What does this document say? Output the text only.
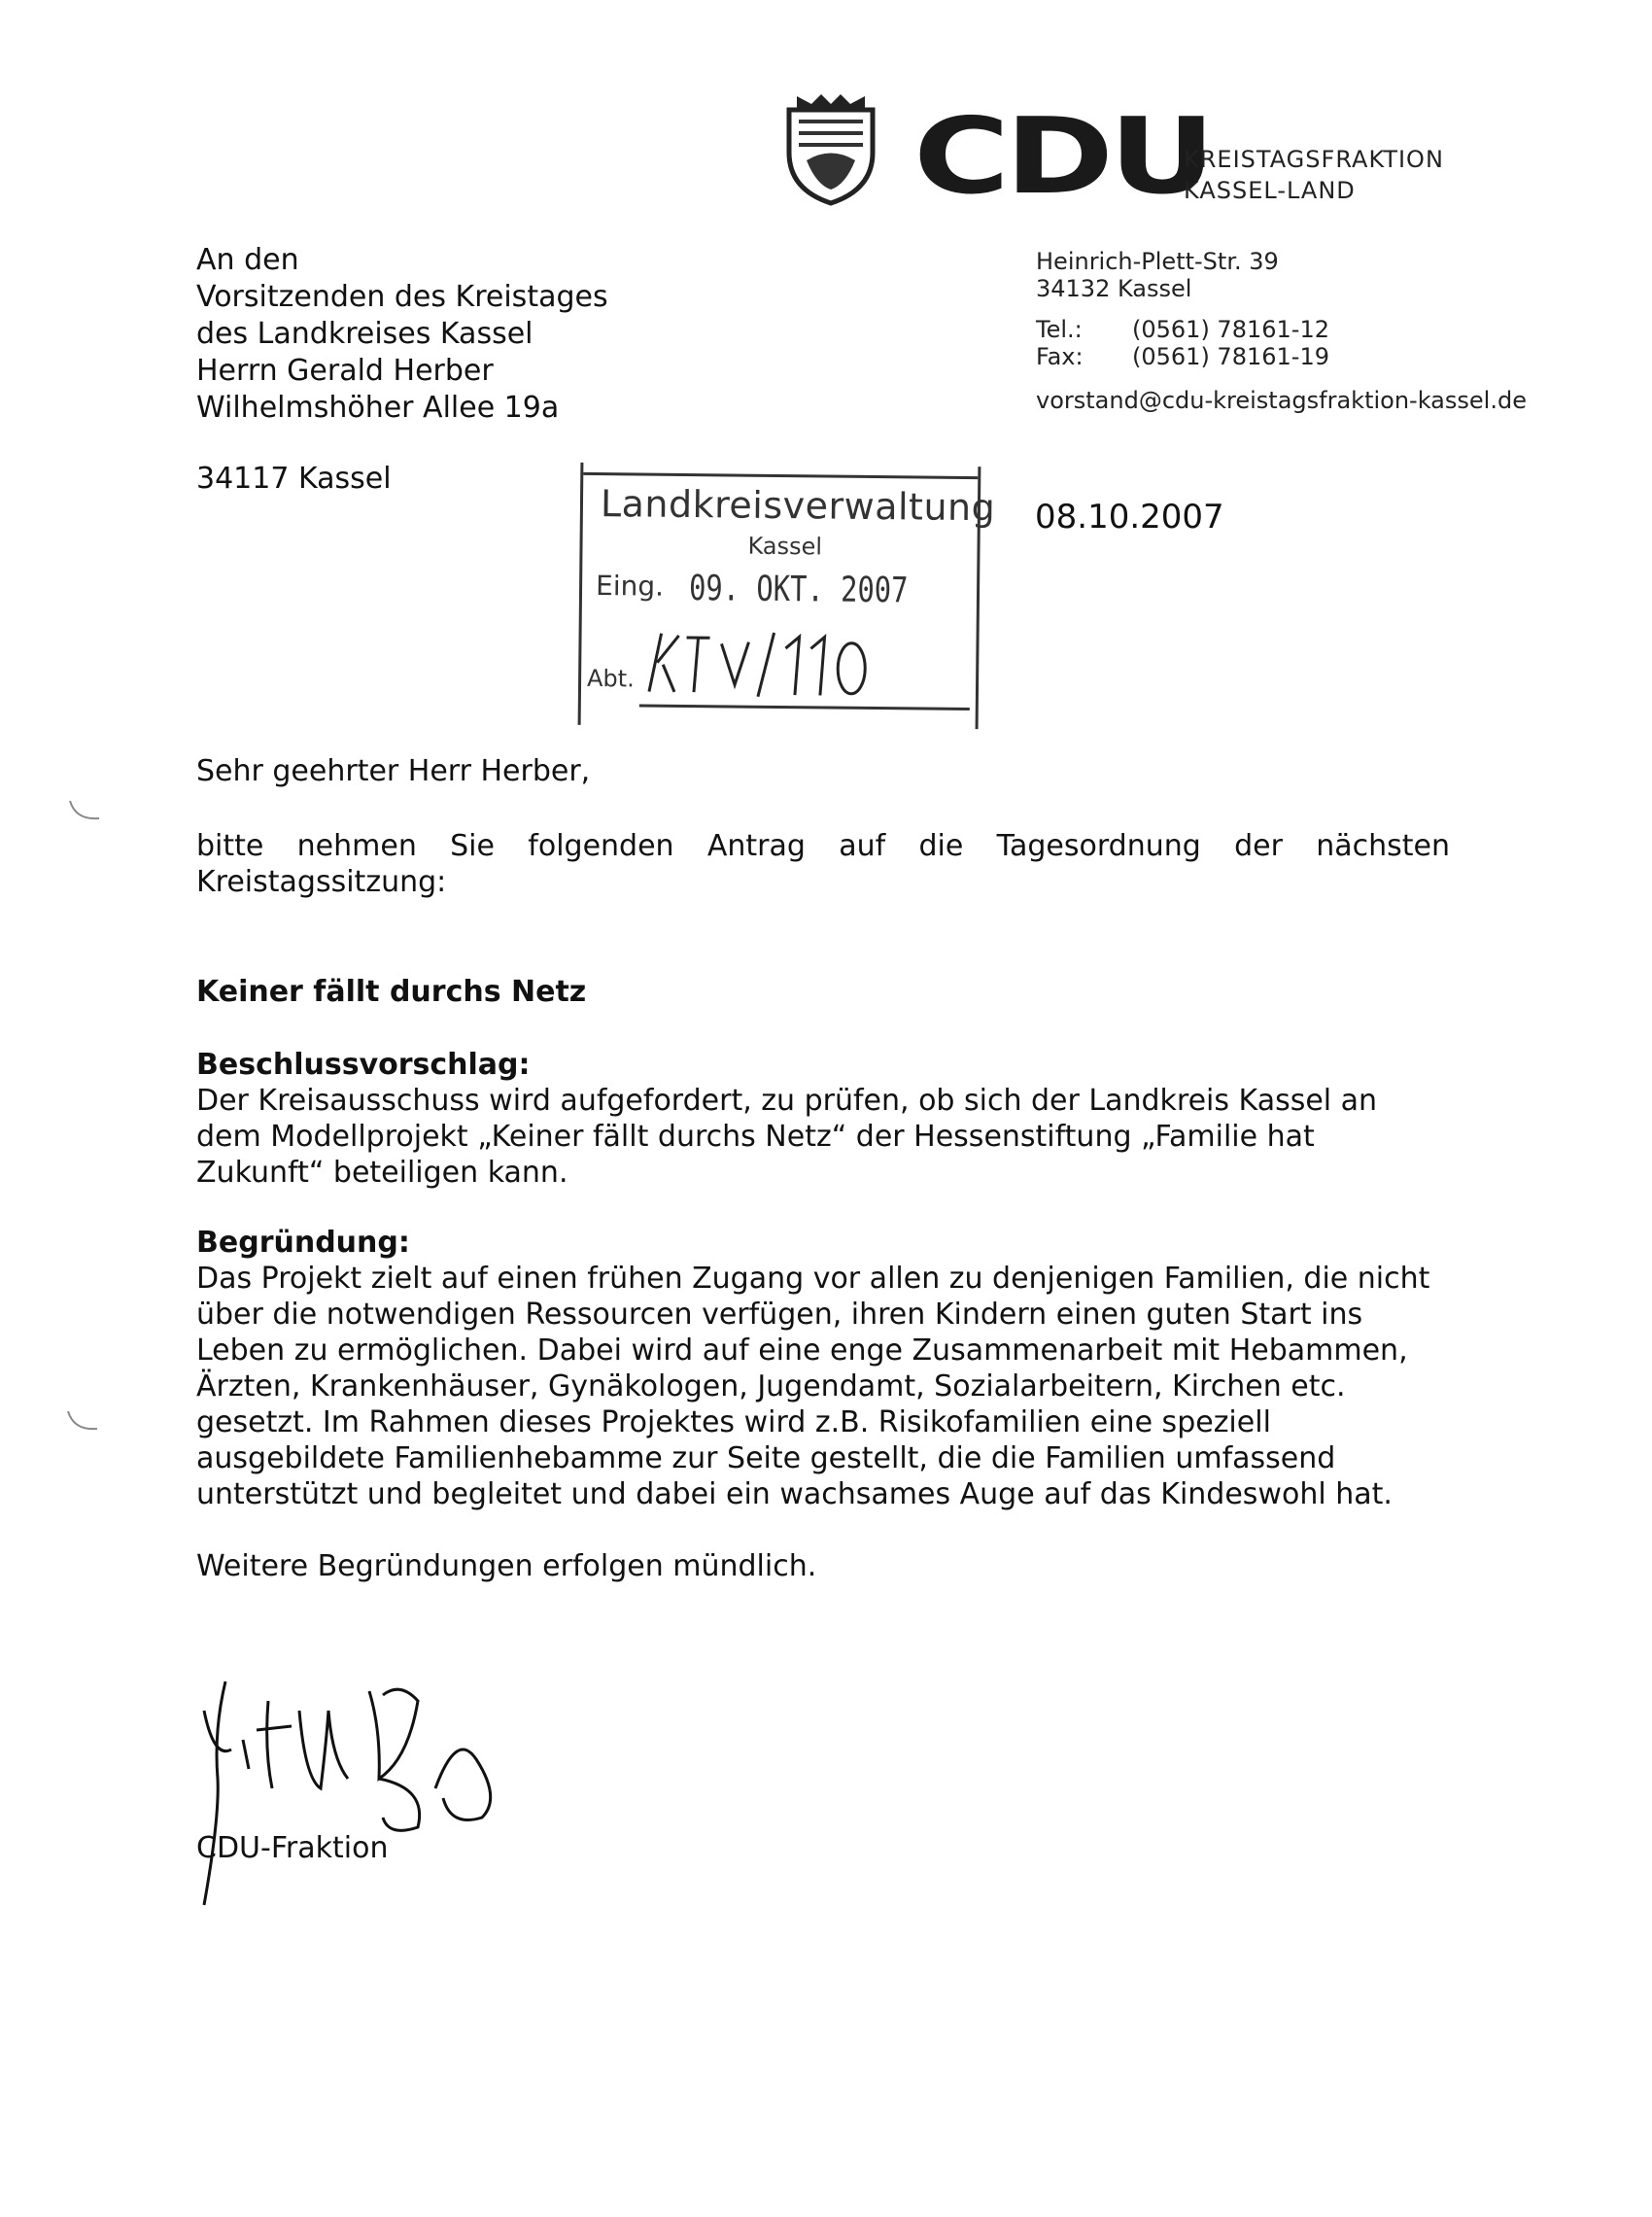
CDU
KREISTAGSFRAKTION
KASSEL-LAND
Heinrich-Plett-Str. 39
34132 Kassel
Tel.: (0561) 78161-12
Fax: (0561) 78161-19
vorstand@cdu-kreistagsfraktion-kassel.de
An den
Vorsitzenden des Kreistages
des Landkreises Kassel
Herrn Gerald Herber
Wilhelmshöher Allee 19a
34117 Kassel
08.10.2007
Landkreisverwaltung
Kassel
Eing. 09. OKT. 2007
Abt.
Sehr geehrter Herr Herber,
bitte nehmen Sie folgenden Antrag auf die Tagesordnung der nächsten Kreistagssitzung:
Keiner fällt durchs Netz
Beschlussvorschlag:
Der Kreisausschuss wird aufgefordert, zu prüfen, ob sich der Landkreis Kassel an dem Modellprojekt „Keiner fällt durchs Netz“ der Hessenstiftung „Familie hat Zukunft“ beteiligen kann.
Begründung:
Das Projekt zielt auf einen frühen Zugang vor allen zu denjenigen Familien, die nicht über die notwendigen Ressourcen verfügen, ihren Kindern einen guten Start ins Leben zu ermöglichen. Dabei wird auf eine enge Zusammenarbeit mit Hebammen, Ärzten, Krankenhäuser, Gynäkologen, Jugendamt, Sozialarbeitern, Kirchen etc. gesetzt. Im Rahmen dieses Projektes wird z.B. Risikofamilien eine speziell ausgebildete Familienhebamme zur Seite gestellt, die die Familien umfassend unterstützt und begleitet und dabei ein wachsames Auge auf das Kindeswohl hat.
Weitere Begründungen erfolgen mündlich.
CDU-Fraktion
